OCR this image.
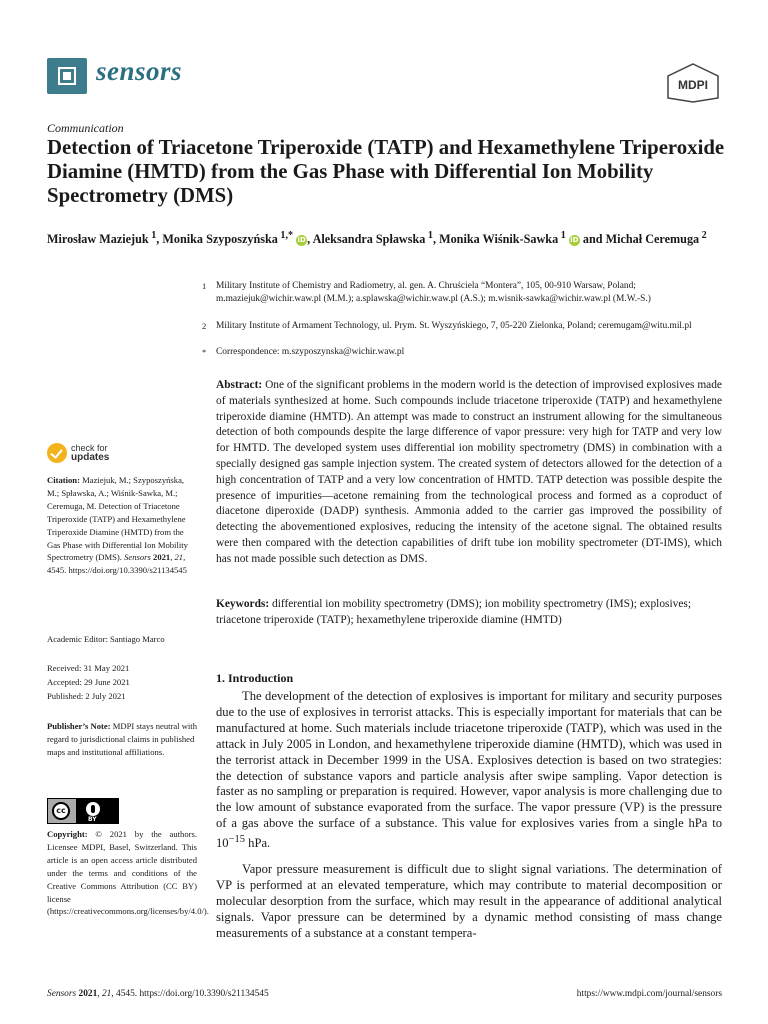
sensors	MDPI
Communication
Detection of Triacetone Triperoxide (TATP) and Hexamethylene Triperoxide Diamine (HMTD) from the Gas Phase with Differential Ion Mobility Spectrometry (DMS)
Mirosław Maziejuk $^1$, Monika Szyposzyńska $^{1,*}$ iD, Aleksandra Spławska $^1$, Monika Wiśnik-Sawka $^1$ iD and Michał Ceremuga $^2$
1 Military Institute of Chemistry and Radiometry, al. gen. A. Chruściela “Montera”, 105, 00-910 Warsaw, Poland; m.maziejuk@wichir.waw.pl (M.M.); a.splawska@wichir.waw.pl (A.S.); m.wisnik-sawka@wichir.waw.pl (M.W.-S.)
2 Military Institute of Armament Technology, ul. Prym. St. Wyszyńskiego, 7, 05-220 Zielonka, Poland; ceremugam@witu.mil.pl
* Correspondence: m.szyposzynska@wichir.waw.pl

Abstract: One of the significant problems in the modern world is the detection of improvised explosives made of materials synthesized at home. Such compounds include triacetone triperoxide (TATP) and hexamethylene triperoxide diamine (HMTD). An attempt was made to construct an instrument allowing for the simultaneous detection of both compounds despite the large difference of vapor pressure: very high for TATP and very low for HMTD. The developed system uses differential ion mobility spectrometry (DMS) in combination with a specially designed gas sample injection system. The created system of detectors allowed for the detection of a high concentration of TATP and a very low concentration of HMTD. TATP detection was possible despite the presence of impurities—acetone remaining from the technological process and formed as a coproduct of diacetone diperoxide (DADP) synthesis. Ammonia added to the carrier gas improved the possibility of detecting the abovementioned explosives, reducing the intensity of the acetone signal. The obtained results were then compared with the detection capabilities of drift tube ion mobility spectrometer (DT-IMS), which has not made possible such detection as DMS.

Keywords: differential ion mobility spectrometry (DMS); ion mobility spectrometry (IMS); explosives; triacetone triperoxide (TATP); hexamethylene triperoxide diamine (HMTD)

check for
updates
Citation: Maziejuk, M.; Szyposzyńska, M.; Spławska, A.; Wiśnik-Sawka, M.; Ceremuga, M. Detection of Triacetone Triperoxide (TATP) and Hexamethylene Triperoxide Diamine (HMTD) from the Gas Phase with Differential Ion Mobility Spectrometry (DMS). Sensors 2021, 21, 4545. https://doi.org/10.3390/s21134545
Academic Editor: Santiago Marco
Received: 31 May 2021
Accepted: 29 June 2021
Published: 2 July 2021
Publisher’s Note: MDPI stays neutral with regard to jurisdictional claims in published maps and institutional affiliations.
cc
BY
Copyright: © 2021 by the authors. Licensee MDPI, Basel, Switzerland. This article is an open access article distributed under the terms and conditions of the Creative Commons Attribution (CC BY) license (https://creativecommons.org/licenses/by/4.0/).
1. Introduction

The development of the detection of explosives is important for military and security purposes due to the use of explosives in terrorist attacks. This is especially important for materials that can be manufactured at home. Such materials include triacetone triperoxide (TATP), which was used in the attack in July 2005 in London, and hexamethylene triperoxide diamine (HMTD), which was used in the terrorist attack in December 1999 in the USA. Explosives detection is based on two strategies: the detection of substance vapors and particle analysis after swipe sampling. Vapor detection is faster as no sampling or preparation is required. However, vapor analysis is more challenging due to the low amount of substance evaporated from the surface. The vapor pressure (VP) is the pressure of a gas above the surface of a substance. This value for explosives varies from a single hPa to $10^{-15}$ hPa.

Vapor pressure measurement is difficult due to slight signal variations. The determination of VP is performed at an elevated temperature, which may contribute to material decomposition or molecular desorption from the surface, which may result in the appearance of additional analytical signals. Vapor pressure can be determined by a dynamic method consisting of mass change measurements of a substance at a constant tempera-

Sensors 2021, 21, 4545. https://doi.org/10.3390/s21134545	https://www.mdpi.com/journal/sensors
